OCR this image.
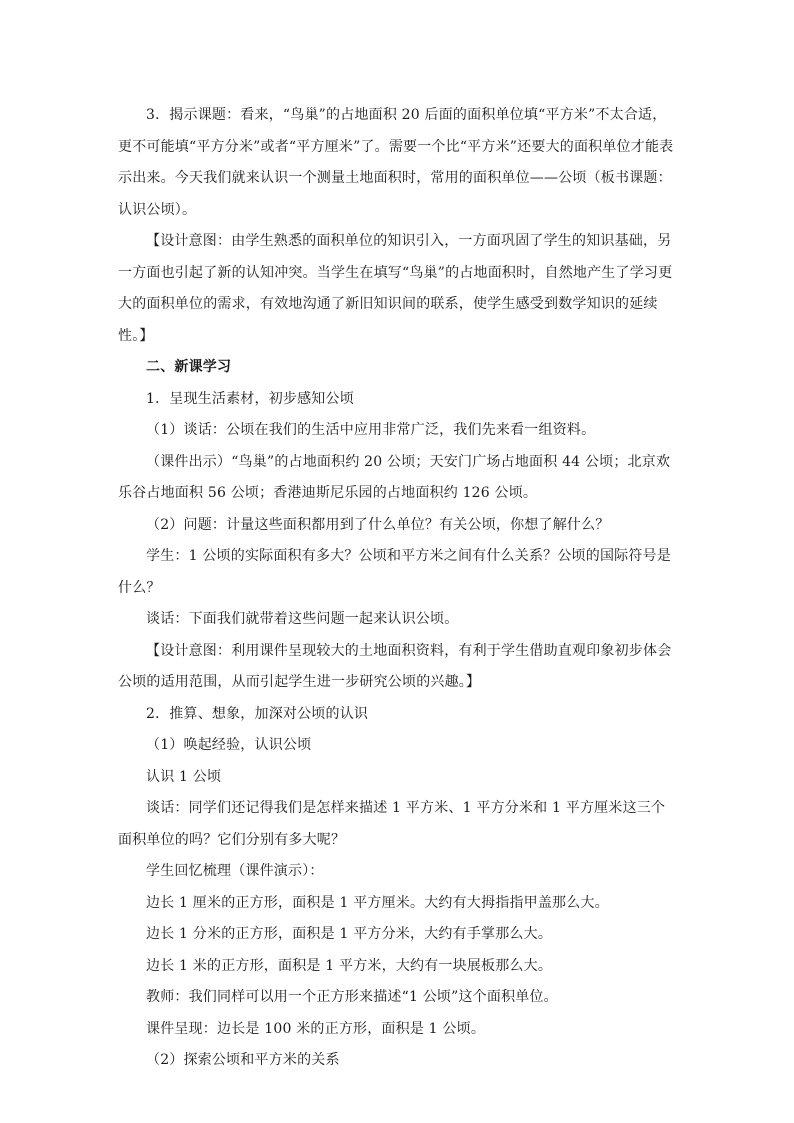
3．揭示课题：看来，“鸟巢”的占地面积 20 后面的面积单位填“平方米”不太合适，更不可能填“平方分米”或者“平方厘米”了。需要一个比“平方米”还要大的面积单位才能表示出来。今天我们就来认识一个测量土地面积时，常用的面积单位——公顷（板书课题：认识公顷）。

【设计意图：由学生熟悉的面积单位的知识引入，一方面巩固了学生的知识基础，另一方面也引起了新的认知冲突。当学生在填写“鸟巢”的占地面积时，自然地产生了学习更大的面积单位的需求，有效地沟通了新旧知识间的联系，使学生感受到数学知识的延续性。】

二、新课学习

1．呈现生活素材，初步感知公顷

（1）谈话：公顷在我们的生活中应用非常广泛，我们先来看一组资料。

（课件出示）“鸟巢”的占地面积约 20 公顷；天安门广场占地面积 44 公顷；北京欢乐谷占地面积 56 公顷；香港迪斯尼乐园的占地面积约 126 公顷。

（2）问题：计量这些面积都用到了什么单位？有关公顷，你想了解什么？

学生：1 公顷的实际面积有多大？公顷和平方米之间有什么关系？公顷的国际符号是什么？

谈话：下面我们就带着这些问题一起来认识公顷。

【设计意图：利用课件呈现较大的土地面积资料，有利于学生借助直观印象初步体会公顷的适用范围，从而引起学生进一步研究公顷的兴趣。】

2．推算、想象，加深对公顷的认识

（1）唤起经验，认识公顷

认识 1 公顷

谈话：同学们还记得我们是怎样来描述 1 平方米、1 平方分米和 1 平方厘米这三个面积单位的吗？它们分别有多大呢？

学生回忆梳理（课件演示）：

边长 1 厘米的正方形，面积是 1 平方厘米。大约有大拇指指甲盖那么大。

边长 1 分米的正方形，面积是 1 平方分米，大约有手掌那么大。

边长 1 米的正方形，面积是 1 平方米，大约有一块展板那么大。

教师：我们同样可以用一个正方形来描述“1 公顷”这个面积单位。

课件呈现：边长是 100 米的正方形，面积是 1 公顷。

（2）探索公顷和平方米的关系
